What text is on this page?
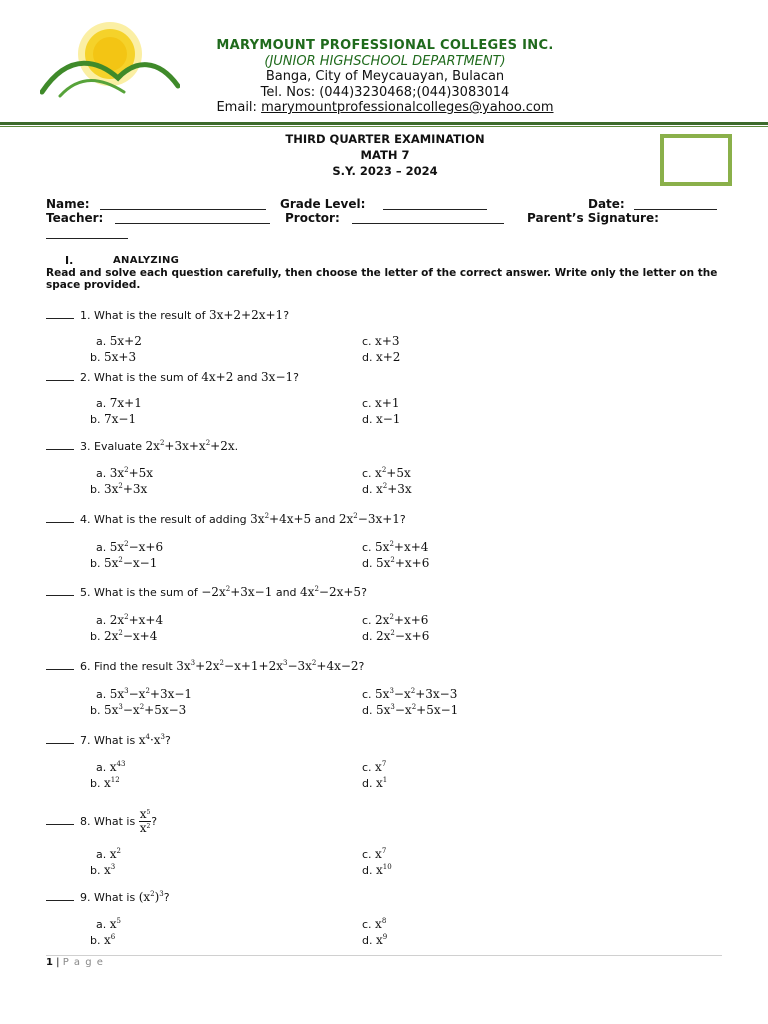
MARYMOUNT PROFESSIONAL COLLEGES INC.
(JUNIOR HIGHSCHOOL DEPARTMENT)
Banga, City of Meycauayan, Bulacan
Tel. Nos: (044)3230468;(044)3083014
Email: marymountprofessionalcolleges@yahoo.com
THIRD QUARTER EXAMINATION
MATH 7
S.Y. 2023 – 2024
Name:	Grade Level:	Date:
Teacher:	Proctor:	Parent’s Signature:
I.	ANALYZING
Read and solve each question carefully, then choose the letter of the correct answer. Write only the letter on the space provided.
1. What is the result of 3x+2+2x+1?
a. 5x+2
b. 5x+3
c. x+3
d. x+2
2. What is the sum of 4x+2 and 3x−1?
a. 7x+1
b. 7x−1
c. x+1
d. x−1
3. Evaluate $2x^2+3x+x^2+2x$.
a. $3x^2+5x$
b. $3x^2+3x$
c. $x^2+5x$
d. $x^2+3x$
4. What is the result of adding $3x^2+4x+5$ and $2x^2-3x+1$?
a. $5x^2-x+6$
b. $5x^2-x-1$
c. $5x^2+x+4$
d. $5x^2+x+6$
5. What is the sum of $-2x^2+3x-1$ and $4x^2-2x+5$?
a. $2x^2+x+4$
b. $2x^2-x+4$
c. $2x^2+x+6$
d. $2x^2-x+6$
6. Find the result $3x^3+2x^2-x+1+2x^3-3x^2+4x-2$?
a. $5x^3-x^2+3x-1$
b. $5x^3-x^2+5x-3$
c. $5x^3-x^2+3x-3$
d. $5x^3-x^2+5x-1$
7. What is $x^4\cdot x^3$?
a. $x^{43}$
b. $x^{12}$
c. $x^7$
d. $x^1$
8. What is $\frac{x^5}{x^2}$ ?
a. $x^2$
b. $x^3$
c. $x^7$
d. $x^{10}$
9. What is $(x^2)^3$?
a. $x^5$
b. $x^6$
c. $x^8$
d. $x^9$
1 | P a g e
